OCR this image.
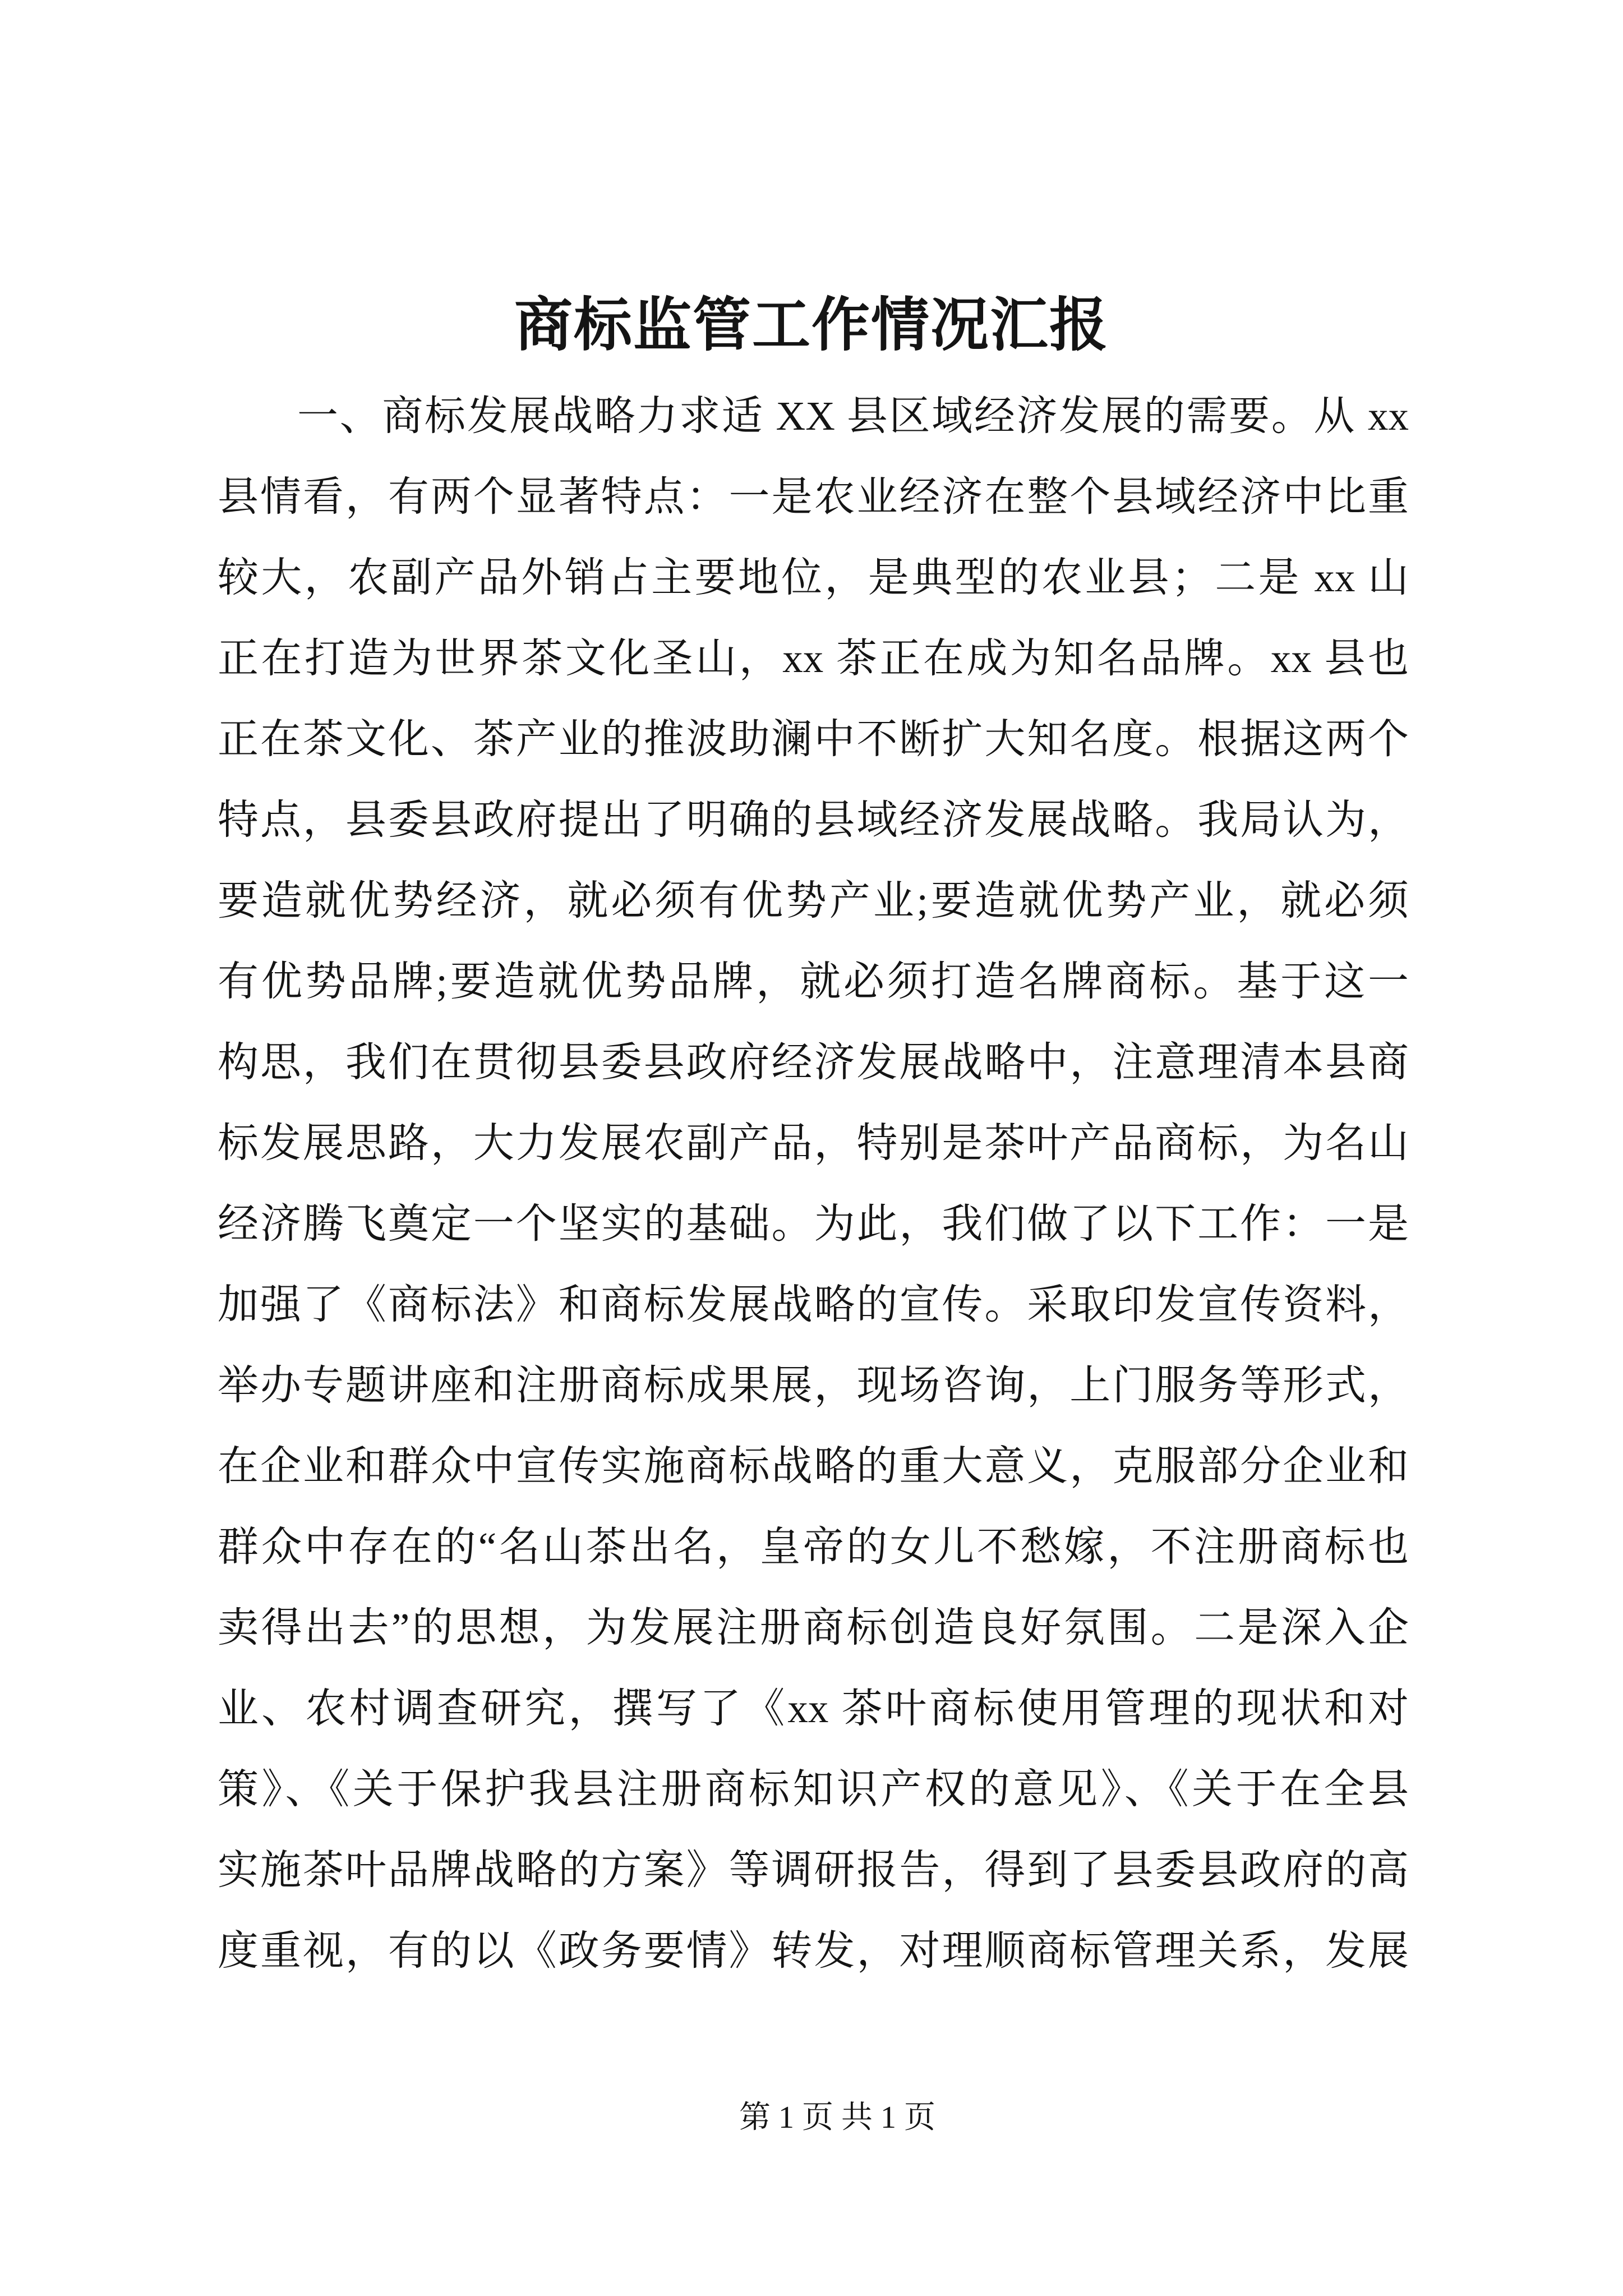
商标监管工作情况汇报
一、商标发展战略力求适 XX 县区域经济发展的需要。从 xx
县情看，有两个显著特点：一是农业经济在整个县域经济中比重
较大，农副产品外销占主要地位，是典型的农业县；二是 xx 山
正在打造为世界茶文化圣山，xx 茶正在成为知名品牌。xx 县也
正在茶文化、茶产业的推波助澜中不断扩大知名度。根据这两个
特点，县委县政府提出了明确的县域经济发展战略。我局认为，
要造就优势经济，就必须有优势产业;要造就优势产业，就必须
有优势品牌;要造就优势品牌，就必须打造名牌商标。基于这一
构思，我们在贯彻县委县政府经济发展战略中，注意理清本县商
标发展思路，大力发展农副产品，特别是茶叶产品商标，为名山
经济腾飞奠定一个坚实的基础。为此，我们做了以下工作：一是
加强了《商标法》和商标发展战略的宣传。采取印发宣传资料，
举办专题讲座和注册商标成果展，现场咨询，上门服务等形式，
在企业和群众中宣传实施商标战略的重大意义，克服部分企业和
群众中存在的“名山茶出名，皇帝的女儿不愁嫁，不注册商标也
卖得出去”的思想，为发展注册商标创造良好氛围。二是深入企
业、农村调查研究，撰写了《xx 茶叶商标使用管理的现状和对
策》、《关于保护我县注册商标知识产权的意见》、《关于在全县
实施茶叶品牌战略的方案》等调研报告，得到了县委县政府的高
度重视，有的以《政务要情》转发，对理顺商标管理关系，发展
第 1 页 共 1 页
